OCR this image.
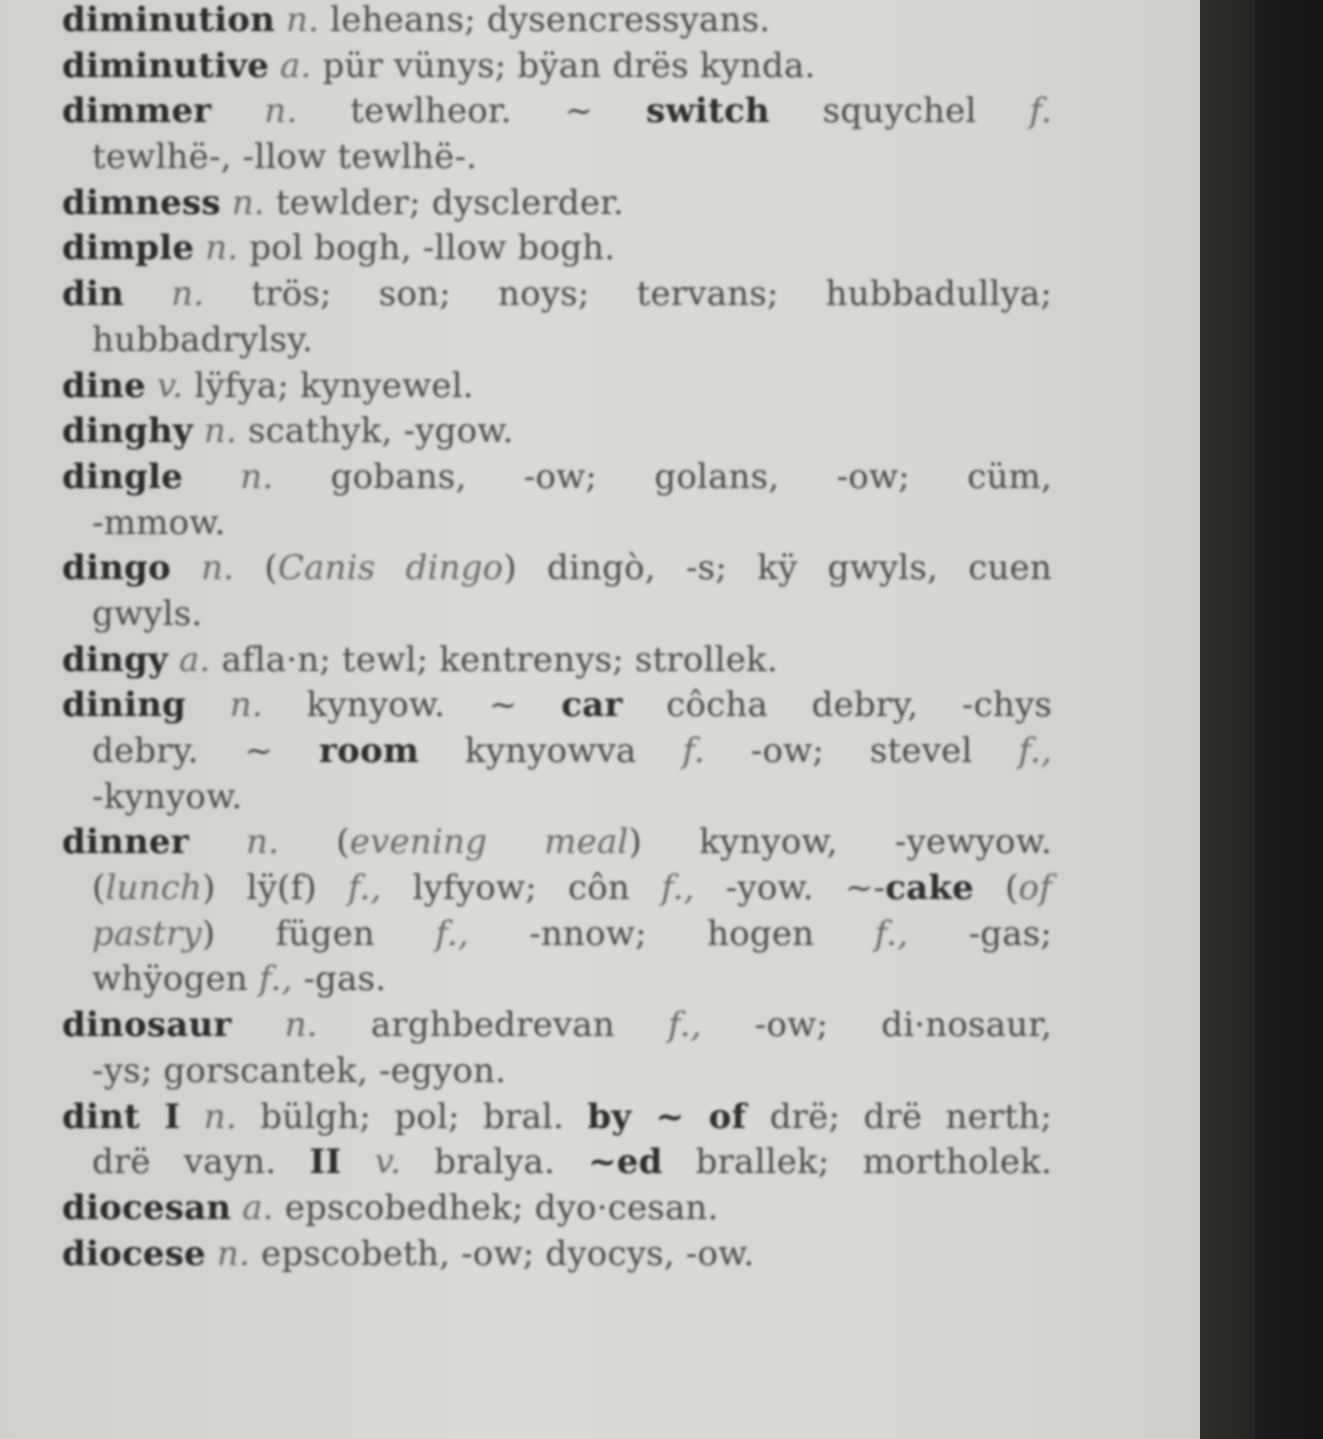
diminution n. leheans; dysencressyans.
diminutive a. pür vünys; bÿan drës kynda.
dimmer n. tewlheor. ~ switch squychel f.
tewlhë-, -llow tewlhë-.
dimness n. tewlder; dysclerder.
dimple n. pol bogh, -llow bogh.
din n. trös; son; noys; tervans; hubbadullya;
hubbadrylsy.
dine v. lÿfya; kynyewel.
dinghy n. scathyk, -ygow.
dingle n. gobans, -ow; golans, -ow; cüm,
-mmow.
dingo n. (Canis dingo) dingò, -s; kÿ gwyls, cuen
gwyls.
dingy a. afla·n; tewl; kentrenys; strollek.
dining n. kynyow. ~ car côcha debry, -chys
debry. ~ room kynyowva f. -ow; stevel f.,
-kynyow.
dinner n. (evening meal) kynyow, -yewyow.
(lunch) lÿ(f) f., lyfyow; côn f., -yow. ~-cake (of
pastry) fügen f., -nnow; hogen f., -gas;
whÿogen f., -gas.
dinosaur n. arghbedrevan f., -ow; di·nosaur,
-ys; gorscantek, -egyon.
dint I n. bülgh; pol; bral. by ~ of drë; drë nerth;
drë vayn. II v. bralya. ~ed brallek; mortholek.
diocesan a. epscobedhek; dyo·cesan.
diocese n. epscobeth, -ow; dyocys, -ow.
